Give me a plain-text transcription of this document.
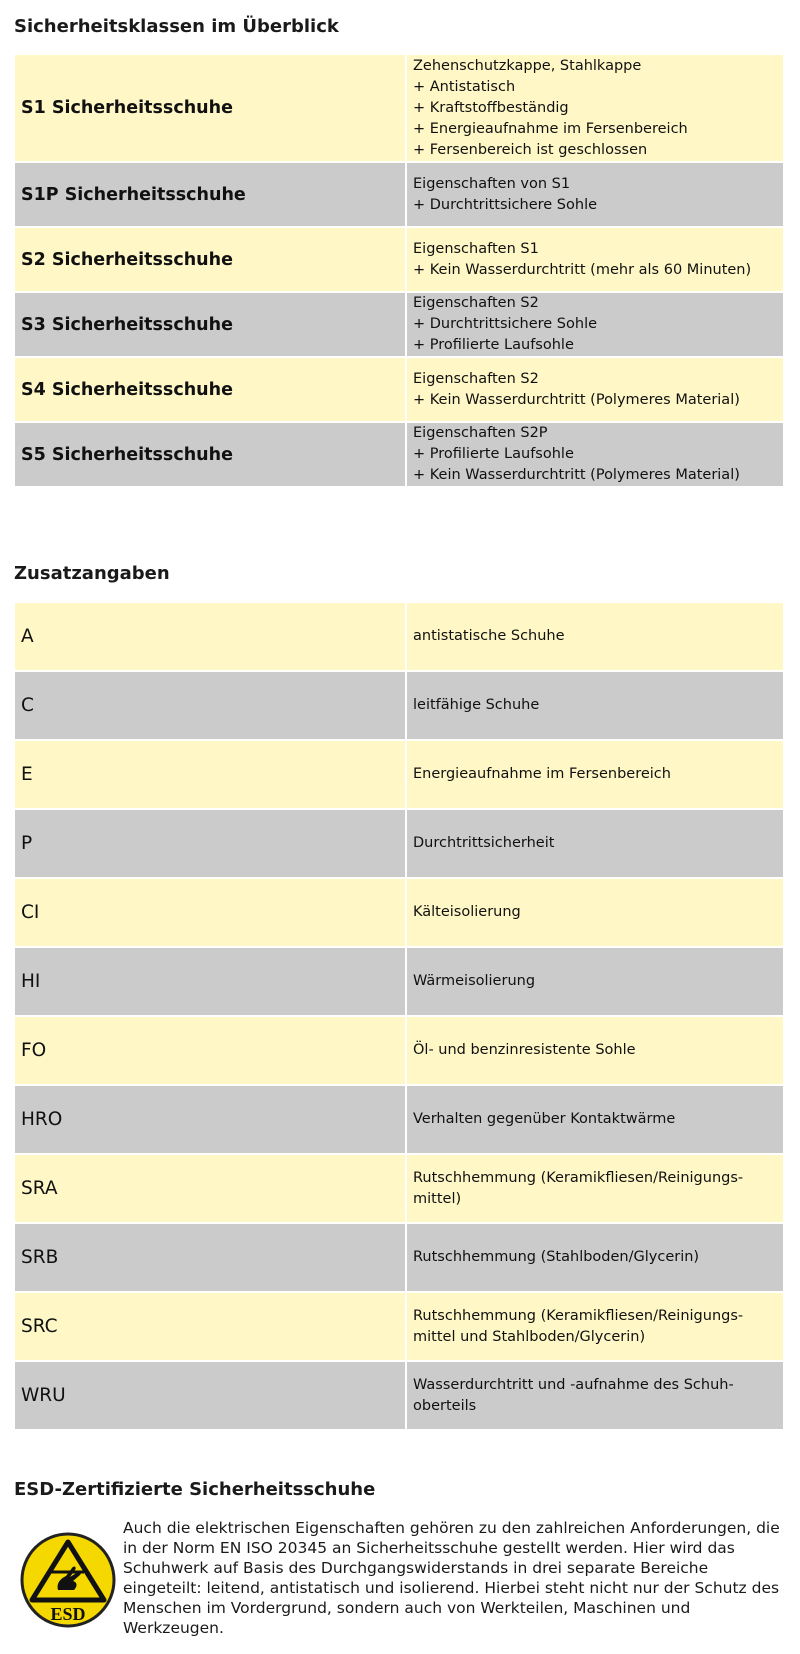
Sicherheitsklassen im Überblick
S1 Sicherheitsschuhe	Zehenschutzkappe, Stahlkappe
+ Antistatisch
+ Kraftstoffbeständig
+ Energieaufnahme im Fersenbereich
+ Fersenbereich ist geschlossen

S1P Sicherheitsschuhe	Eigenschaften von S1
+ Durchtrittsichere Sohle

S2 Sicherheitsschuhe	Eigenschaften S1
+ Kein Wasserdurchtritt (mehr als 60 Minuten)

S3 Sicherheitsschuhe	Eigenschaften S2
+ Durchtrittsichere Sohle
+ Profilierte Laufsohle

S4 Sicherheitsschuhe	Eigenschaften S2
+ Kein Wasserdurchtritt (Polymeres Material)

S5 Sicherheitsschuhe	Eigenschaften S2P
+ Profilierte Laufsohle
+ Kein Wasserdurchtritt (Polymeres Material)
Zusatzangaben
A	antistatische Schuhe

C	leitfähige Schuhe

E	Energieaufnahme im Fersenbereich

P	Durchtrittsicherheit

CI	Kälteisolierung

HI	Wärmeisolierung

FO	Öl- und benzinresistente Sohle

HRO	Verhalten gegenüber Kontaktwärme

SRA	Rutschhemmung (Keramikfliesen/Reinigungs-
mittel)

SRB	Rutschhemmung (Stahlboden/Glycerin)

SRC	Rutschhemmung (Keramikfliesen/Reinigungs-
mittel und Stahlboden/Glycerin)

WRU	Wasserdurchtritt und -aufnahme des Schuh-
oberteils
ESD-Zertifizierte Sicherheitsschuhe
ESD

Auch die elektrischen Eigenschaften gehören zu den zahlreichen Anforderungen, die in der Norm EN ISO 20345 an Sicherheitsschuhe gestellt werden. Hier wird das Schuhwerk auf Basis des Durchgangswiderstands in drei separate Bereiche eingeteilt: leitend, antistatisch und isolierend. Hierbei steht nicht nur der Schutz des Menschen im Vordergrund, sondern auch von Werkteilen, Maschinen und Werkzeugen.
